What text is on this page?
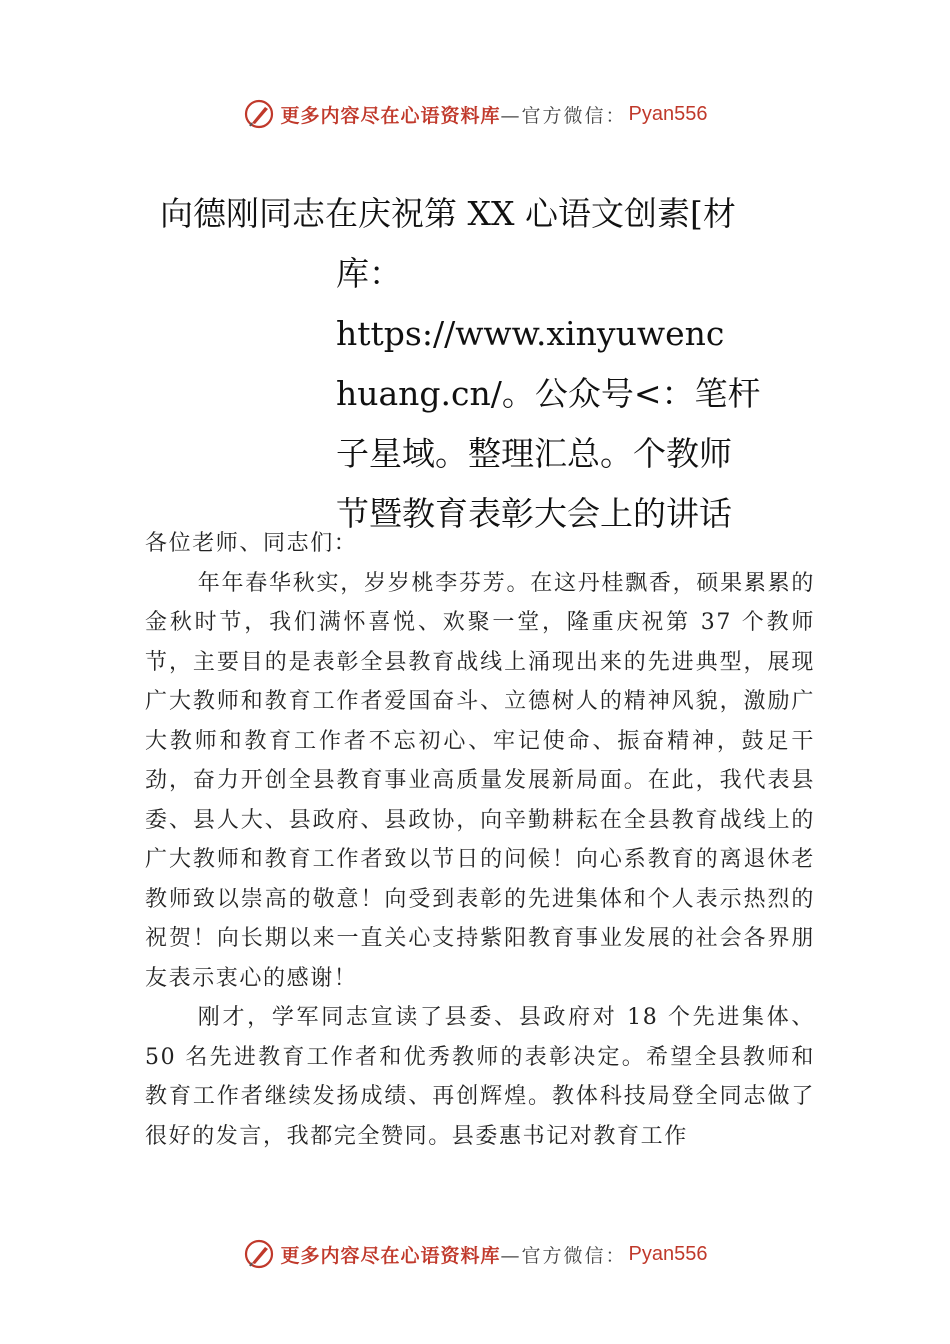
更多内容尽在心语资料库 —官方微信： Pyan556
向德刚同志在庆祝第 XX 心语文创素[材
库：https://www.xinyuwenc
huang.cn/。公众号<：笔杆
子星域。整理汇总。个教师
节暨教育表彰大会上的讲话

各位老师、同志们：

年年春华秋实，岁岁桃李芬芳。在这丹桂飘香，硕果累累的金秋时节，我们满怀喜悦、欢聚一堂，隆重庆祝第 37 个教师节，主要目的是表彰全县教育战线上涌现出来的先进典型，展现广大教师和教育工作者爱国奋斗、立德树人的精神风貌，激励广大教师和教育工作者不忘初心、牢记使命、振奋精神，鼓足干劲，奋力开创全县教育事业高质量发展新局面。在此，我代表县委、县人大、县政府、县政协，向辛勤耕耘在全县教育战线上的广大教师和教育工作者致以节日的问候！向心系教育的离退休老教师致以崇高的敬意！向受到表彰的先进集体和个人表示热烈的祝贺！向长期以来一直关心支持紫阳教育事业发展的社会各界朋友表示衷心的感谢！

刚才，学军同志宣读了县委、县政府对 18 个先进集体、50 名先进教育工作者和优秀教师的表彰决定。希望全县教师和教育工作者继续发扬成绩、再创辉煌。教体科技局登全同志做了很好的发言，我都完全赞同。县委惠书记对教育工作

更多内容尽在心语资料库 —官方微信： Pyan556
